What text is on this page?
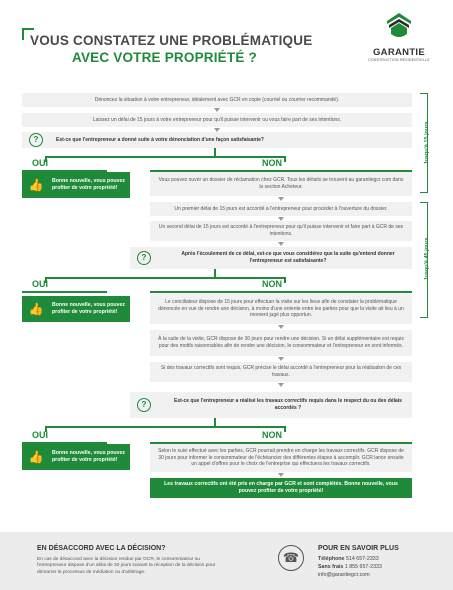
VOUS CONSTATEZ UNE PROBLÉMATIQUE
AVEC VOTRE PROPRIÉTÉ ?	GARANTIE
CONSTRUCTION RÉSIDENTIELLE
Jusqu'à 15 jours
Jusqu'à 45 jours
Dénoncez la situation à votre entrepreneur, idéalement avec GCR en copie (courriel ou courrier recommandé).
Laissez un délai de 15 jours à votre entrepreneur pour qu'il puisse intervenir ou vous faire part de ses intentions.
Est-ce que l'entrepreneur a donné suite à votre dénonciation d'une façon satisfaisante?
?
OUI	NON
👍 Bonne nouvelle, vous pouvez profiter de votre propriété!
Vous pouvez ouvrir un dossier de réclamation chez GCR. Tous les détails se trouvent au garantiegcr.com dans la section Acheteur.
Un premier délai de 15 jours est accordé à l'entrepreneur pour procéder à l'ouverture du dossier.
Un second délai de 15 jours est accordé à l'entrepreneur pour qu'il puisse intervenir et faire part à GCR de ses intentions.
Après l'écoulement de ce délai, est-ce que vous considérez que la suite qu'entend donner l'entrepreneur est satisfaisante?
?
OUI	NON
👍 Bonne nouvelle, vous pouvez profiter de votre propriété!
Le conciliateur dispose de 15 jours pour effectuer la visite sur les lieux afin de constater la problématique dénoncée en vue de rendre une décision, à moins d'une entente entre les parties pour que la visite ait lieu à un moment jugé plus opportun.
À la suite de la visite, GCR dispose de 30 jours pour rendre une décision. Si un délai supplémentaire est requis pour des motifs raisonnables afin de rendre une décision, le consommateur et l'entrepreneur en sont informés.
Si des travaux correctifs sont requis, GCR précise le délai accordé à l'entrepreneur pour la réalisation de ces travaux.
Est-ce que l'entrepreneur a réalisé les travaux correctifs requis dans le respect du ou des délais accordés ?
?
OUI	NON
👍 Bonne nouvelle, vous pouvez profiter de votre propriété!
Selon le suivi effectué avec les parties, GCR pourrait prendre en charge les travaux correctifs. GCR dispose de 30 jours pour informer le consommateur de l'échéancier des différentes étapes à accomplir. GCR lance ensuite un appel d'offres pour le choix de l'entreprise qui effectuera les travaux correctifs.
Les travaux correctifs ont été pris en charge par GCR et sont complétés. Bonne nouvelle, vous pouvez profiter de votre propriété!
EN DÉSACCORD AVEC LA DÉCISION?
En cas de désaccord avec la décision rendue par GCR, le consommateur ou l'entrepreneur dispose d'un délai de 30 jours suivant la réception de la décision pour démarrer le processus de médiation ou d'arbitrage.
☎
POUR EN SAVOIR PLUS
Téléphone 514 657-2333
Sans frais 1 855 657-2333
info@garantiegcr.com
